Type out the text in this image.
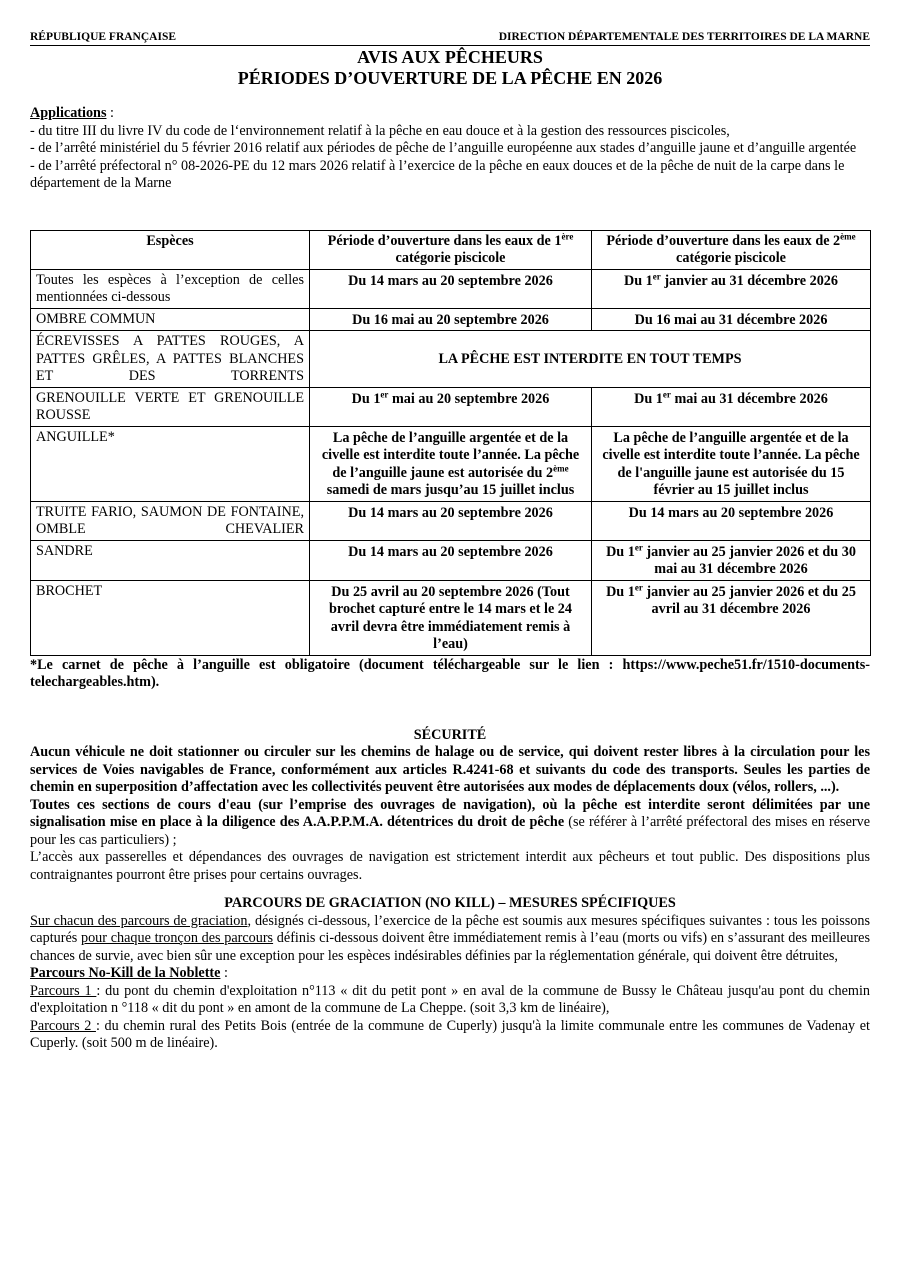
RÉPUBLIQUE FRANÇAISE	DIRECTION DÉPARTEMENTALE DES TERRITOIRES DE LA MARNE
AVIS AUX PÊCHEURS
PÉRIODES D’OUVERTURE DE LA PÊCHE EN 2026
Applications :
- du titre III du livre IV du code de l‘environnement relatif à la pêche en eau douce et à la gestion des ressources piscicoles,
- de l’arrêté ministériel du 5 février 2016 relatif aux périodes de pêche de l’anguille européenne aux stades d’anguille jaune et d’anguille argentée
- de l’arrêté préfectoral n° 08-2026-PE du 12 mars 2026 relatif à l’exercice de la pêche en eaux douces et de la pêche de nuit de la carpe dans le département de la Marne
Espèces	Période d’ouverture dans les eaux de 1ère catégorie piscicole	Période d’ouverture dans les eaux de 2ème catégorie piscicole
Toutes les espèces à l’exception de celles mentionnées ci-dessous	Du 14 mars au 20 septembre 2026	Du 1er janvier au 31 décembre 2026
OMBRE COMMUN	Du 16 mai au 20 septembre 2026	Du 16 mai au 31 décembre 2026
ÉCREVISSES A PATTES ROUGES, A PATTES GRÊLES, A PATTES BLANCHES ET DES TORRENTS	LA PÊCHE EST INTERDITE EN TOUT TEMPS	
GRENOUILLE VERTE ET GRENOUILLE ROUSSE	Du 1er mai au 20 septembre 2026	Du 1er mai au 31 décembre 2026
ANGUILLE*	La pêche de l’anguille argentée et de la civelle est interdite toute l’année. La pêche de l’anguille jaune est autorisée du 2ème samedi de mars jusqu’au 15 juillet inclus	La pêche de l’anguille argentée et de la civelle est interdite toute l’année. La pêche de l'anguille jaune est autorisée du 15 février au 15 juillet inclus
TRUITE FARIO, SAUMON DE FONTAINE, OMBLE CHEVALIER	Du 14 mars au 20 septembre 2026	Du 14 mars au 20 septembre 2026
SANDRE	Du 14 mars au 20 septembre 2026	Du 1er janvier au 25 janvier 2026 et du 30 mai au 31 décembre 2026
BROCHET	Du 25 avril au 20 septembre 2026 (Tout brochet capturé entre le 14 mars et le 24 avril devra être immédiatement remis à l’eau)	Du 1er janvier au 25 janvier 2026 et du 25 avril au 31 décembre 2026
*Le carnet de pêche à l’anguille est obligatoire (document téléchargeable sur le lien : https://www.peche51.fr/1510-documents-telechargeables.htm).
SÉCURITÉ
Aucun véhicule ne doit stationner ou circuler sur les chemins de halage ou de service, qui doivent rester libres à la circulation pour les services de Voies navigables de France, conformément aux articles R.4241-68 et suivants du code des transports. Seules les parties de chemin en superposition d’affectation avec les collectivités peuvent être autorisées aux modes de déplacements doux (vélos, rollers, ...).
Toutes ces sections de cours d'eau (sur l’emprise des ouvrages de navigation), où la pêche est interdite seront délimitées par une signalisation mise en place à la diligence des A.A.P.P.M.A. détentrices du droit de pêche (se référer à l’arrêté préfectoral des mises en réserve pour les cas particuliers) ;
L’accès aux passerelles et dépendances des ouvrages de navigation est strictement interdit aux pêcheurs et tout public. Des dispositions plus contraignantes pourront être prises pour certains ouvrages.
PARCOURS DE GRACIATION (NO KILL) – MESURES SPÉCIFIQUES
Sur chacun des parcours de graciation, désignés ci-dessous, l’exercice de la pêche est soumis aux mesures spécifiques suivantes : tous les poissons capturés pour chaque tronçon des parcours définis ci-dessous doivent être immédiatement remis à l’eau (morts ou vifs) en s’assurant des meilleures chances de survie, avec bien sûr une exception pour les espèces indésirables définies par la réglementation générale, qui doivent être détruites,
Parcours No-Kill de la Noblette :
Parcours 1 : du pont du chemin d'exploitation n°113 « dit du petit pont » en aval de la commune de Bussy le Château jusqu'au pont du chemin d'exploitation n °118 « dit du pont » en amont de la commune de La Cheppe. (soit 3,3 km de linéaire),
Parcours 2 : du chemin rural des Petits Bois (entrée de la commune de Cuperly) jusqu'à la limite communale entre les communes de Vadenay et Cuperly. (soit 500 m de linéaire).
